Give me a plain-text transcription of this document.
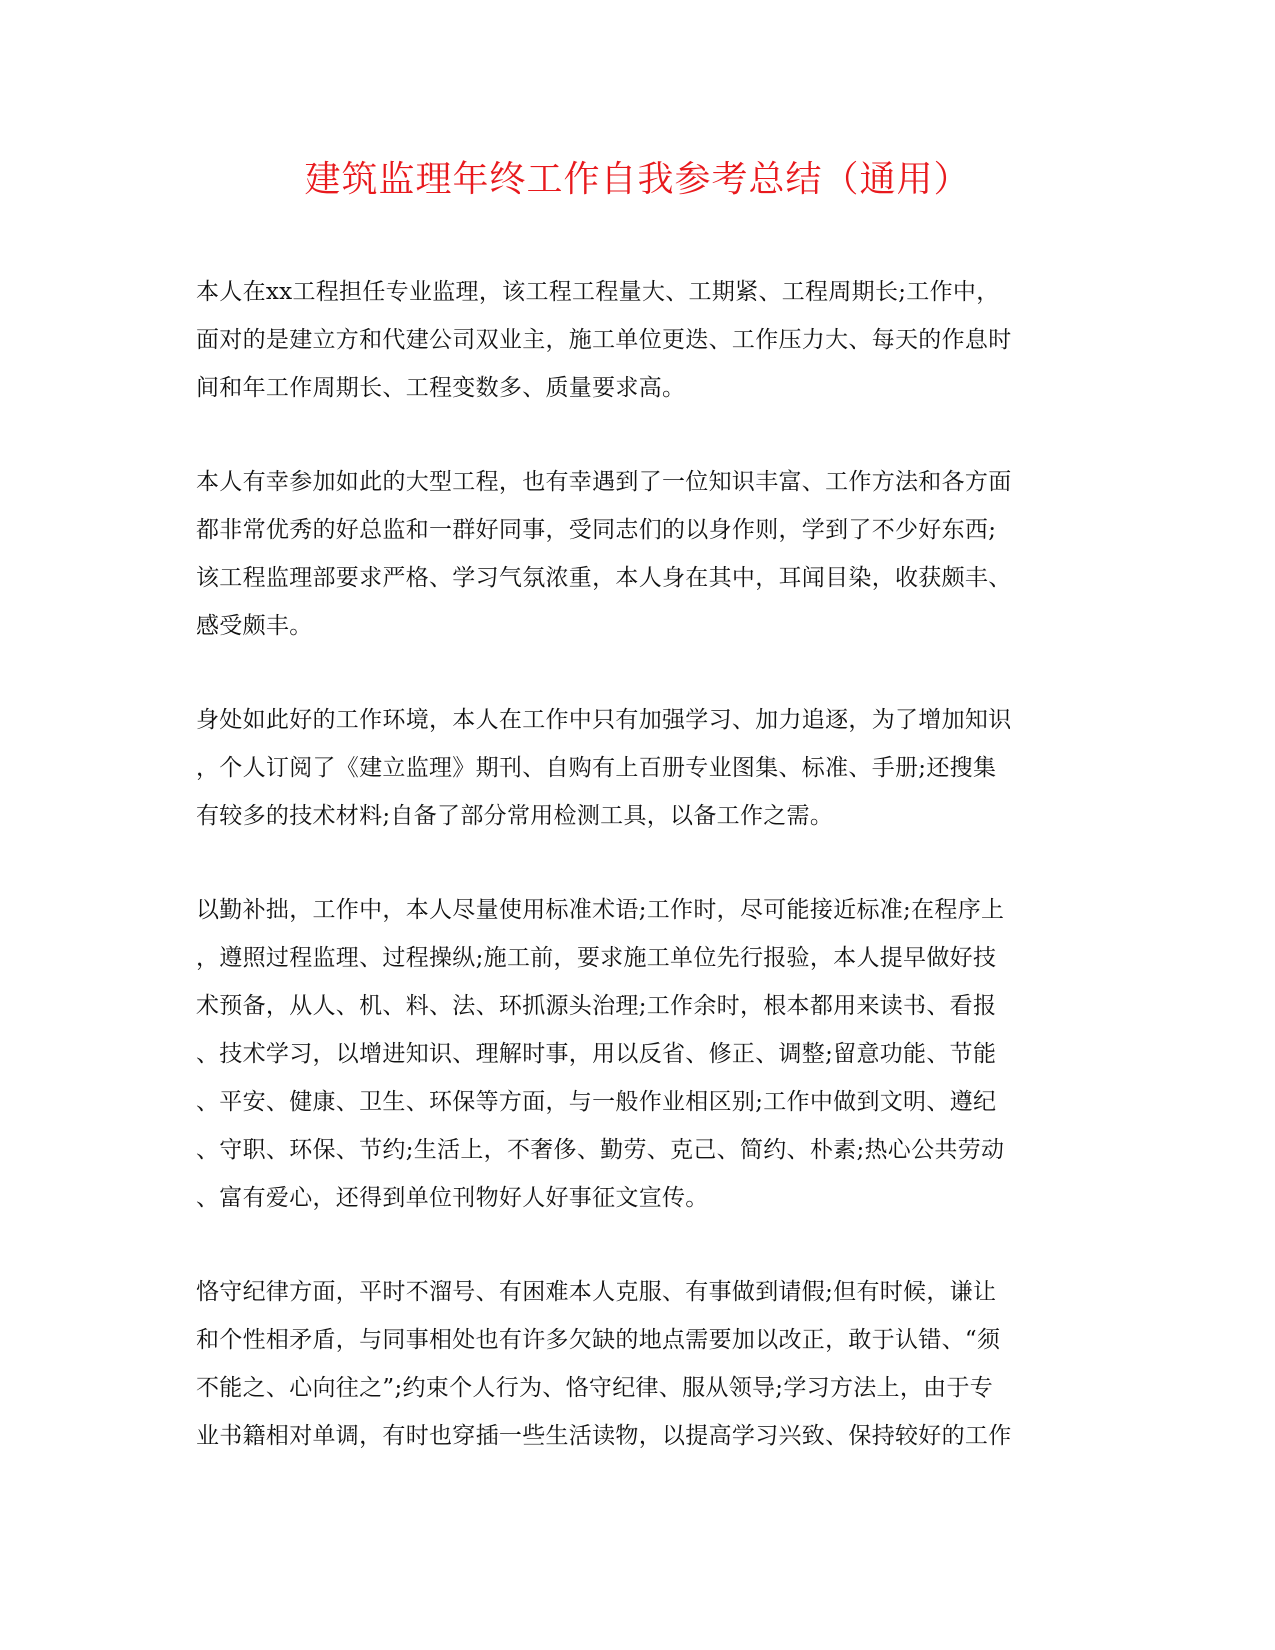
建筑监理年终工作自我参考总结（通用）
本人在xx工程担任专业监理，该工程工程量大、工期紧、工程周期长;工作中，
面对的是建立方和代建公司双业主，施工单位更迭、工作压力大、每天的作息时
间和年工作周期长、工程变数多、质量要求高。
本人有幸参加如此的大型工程，也有幸遇到了一位知识丰富、工作方法和各方面
都非常优秀的好总监和一群好同事，受同志们的以身作则，学到了不少好东西;
该工程监理部要求严格、学习气氛浓重，本人身在其中，耳闻目染，收获颇丰、
感受颇丰。
身处如此好的工作环境，本人在工作中只有加强学习、加力追逐，为了增加知识
，个人订阅了《建立监理》期刊、自购有上百册专业图集、标准、手册;还搜集
有较多的技术材料;自备了部分常用检测工具，以备工作之需。
以勤补拙，工作中，本人尽量使用标准术语;工作时，尽可能接近标准;在程序上
，遵照过程监理、过程操纵;施工前，要求施工单位先行报验，本人提早做好技
术预备，从人、机、料、法、环抓源头治理;工作余时，根本都用来读书、看报
、技术学习，以增进知识、理解时事，用以反省、修正、调整;留意功能、节能
、平安、健康、卫生、环保等方面，与一般作业相区别;工作中做到文明、遵纪
、守职、环保、节约;生活上，不奢侈、勤劳、克己、简约、朴素;热心公共劳动
、富有爱心，还得到单位刊物好人好事征文宣传。
恪守纪律方面，平时不溜号、有困难本人克服、有事做到请假;但有时候，谦让
和个性相矛盾，与同事相处也有许多欠缺的地点需要加以改正，敢于认错、“须
不能之、心向往之”;约束个人行为、恪守纪律、服从领导;学习方法上，由于专
业书籍相对单调，有时也穿插一些生活读物，以提高学习兴致、保持较好的工作
